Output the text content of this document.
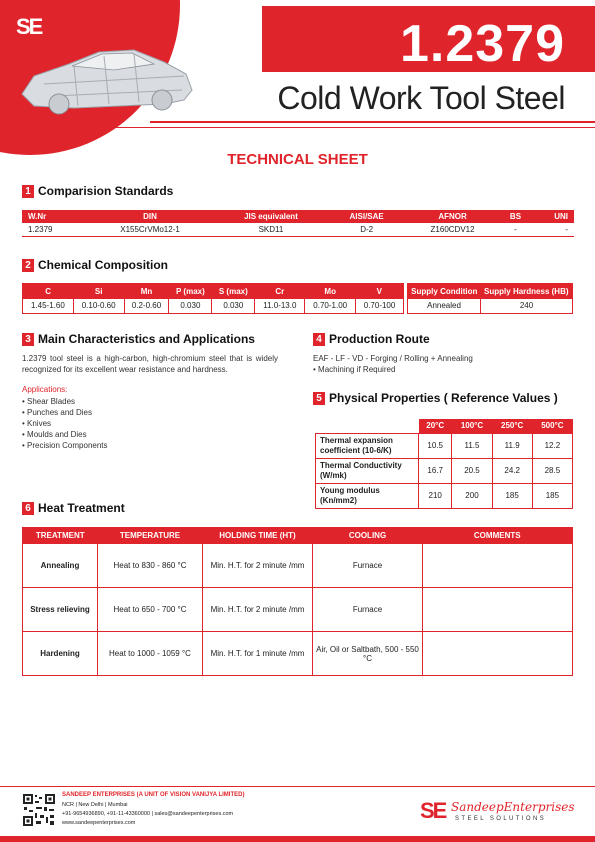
SE	1.2379
Cold Work Tool Steel
TECHNICAL SHEET
1 Comparision Standards
W.Nr	DIN	JIS equivalent	AISI/SAE	AFNOR	BS	UNI
1.2379	X155CrVMo12-1	SKD11	D-2	Z160CDV12	-	-
2 Chemical Composition
C	Si	Mn	P (max)	S (max)	Cr	Mo	V
1.45-1.60	0.10-0.60	0.2-0.60	0.030	0.030	11.0-13.0	0.70-1.00	0.70-100
Supply Condition	Supply Hardness (HB)
Annealed	240
3 Main Characteristics and Applications
1.2379 tool steel is a high-carbon, high-chromium steel that is widely recognized for its excellent wear resistance and hardness.
Applications:
• Shear Blades
• Punches and Dies
• Knives
• Moulds and Dies
• Precision Components
4 Production Route
EAF - LF - VD - Forging / Rolling + Annealing
• Machining if Required
5 Physical Properties ( Reference Values )
	20°C	100°C	250°C	500°C
Thermal expansion coefficient (10-6/K)	10.5	11.5	11.9	12.2
Thermal Conductivity (W/mk)	16.7	20.5	24.2	28.5
Young modulus (Kn/mm2)	210	200	185	185
6 Heat Treatment
TREATMENT	TEMPERATURE	HOLDING TIME (HT)	COOLING	COMMENTS
Annealing	Heat to 830 - 860 °C	Min. H.T. for 2 minute /mm	Furnace	
Stress relieving	Heat to 650 - 700 °C	Min. H.T. for 2 minute /mm	Furnace	
Hardening	Heat to 1000 - 1059 °C	Min. H.T. for 1 minute /mm	Air, Oil or Saltbath, 500 - 550 °C	
SANDEEP ENTERPRISES (A UNIT OF VISION VANIJYA LIMITED)
NCR | New Delhi | Mumbai
+91-9654936890, +91-11-43360000 | sales@sandeepenterprises.com
www.sandeepenterprises.com	SE SandeepEnterprises
STEEL SOLUTIONS
